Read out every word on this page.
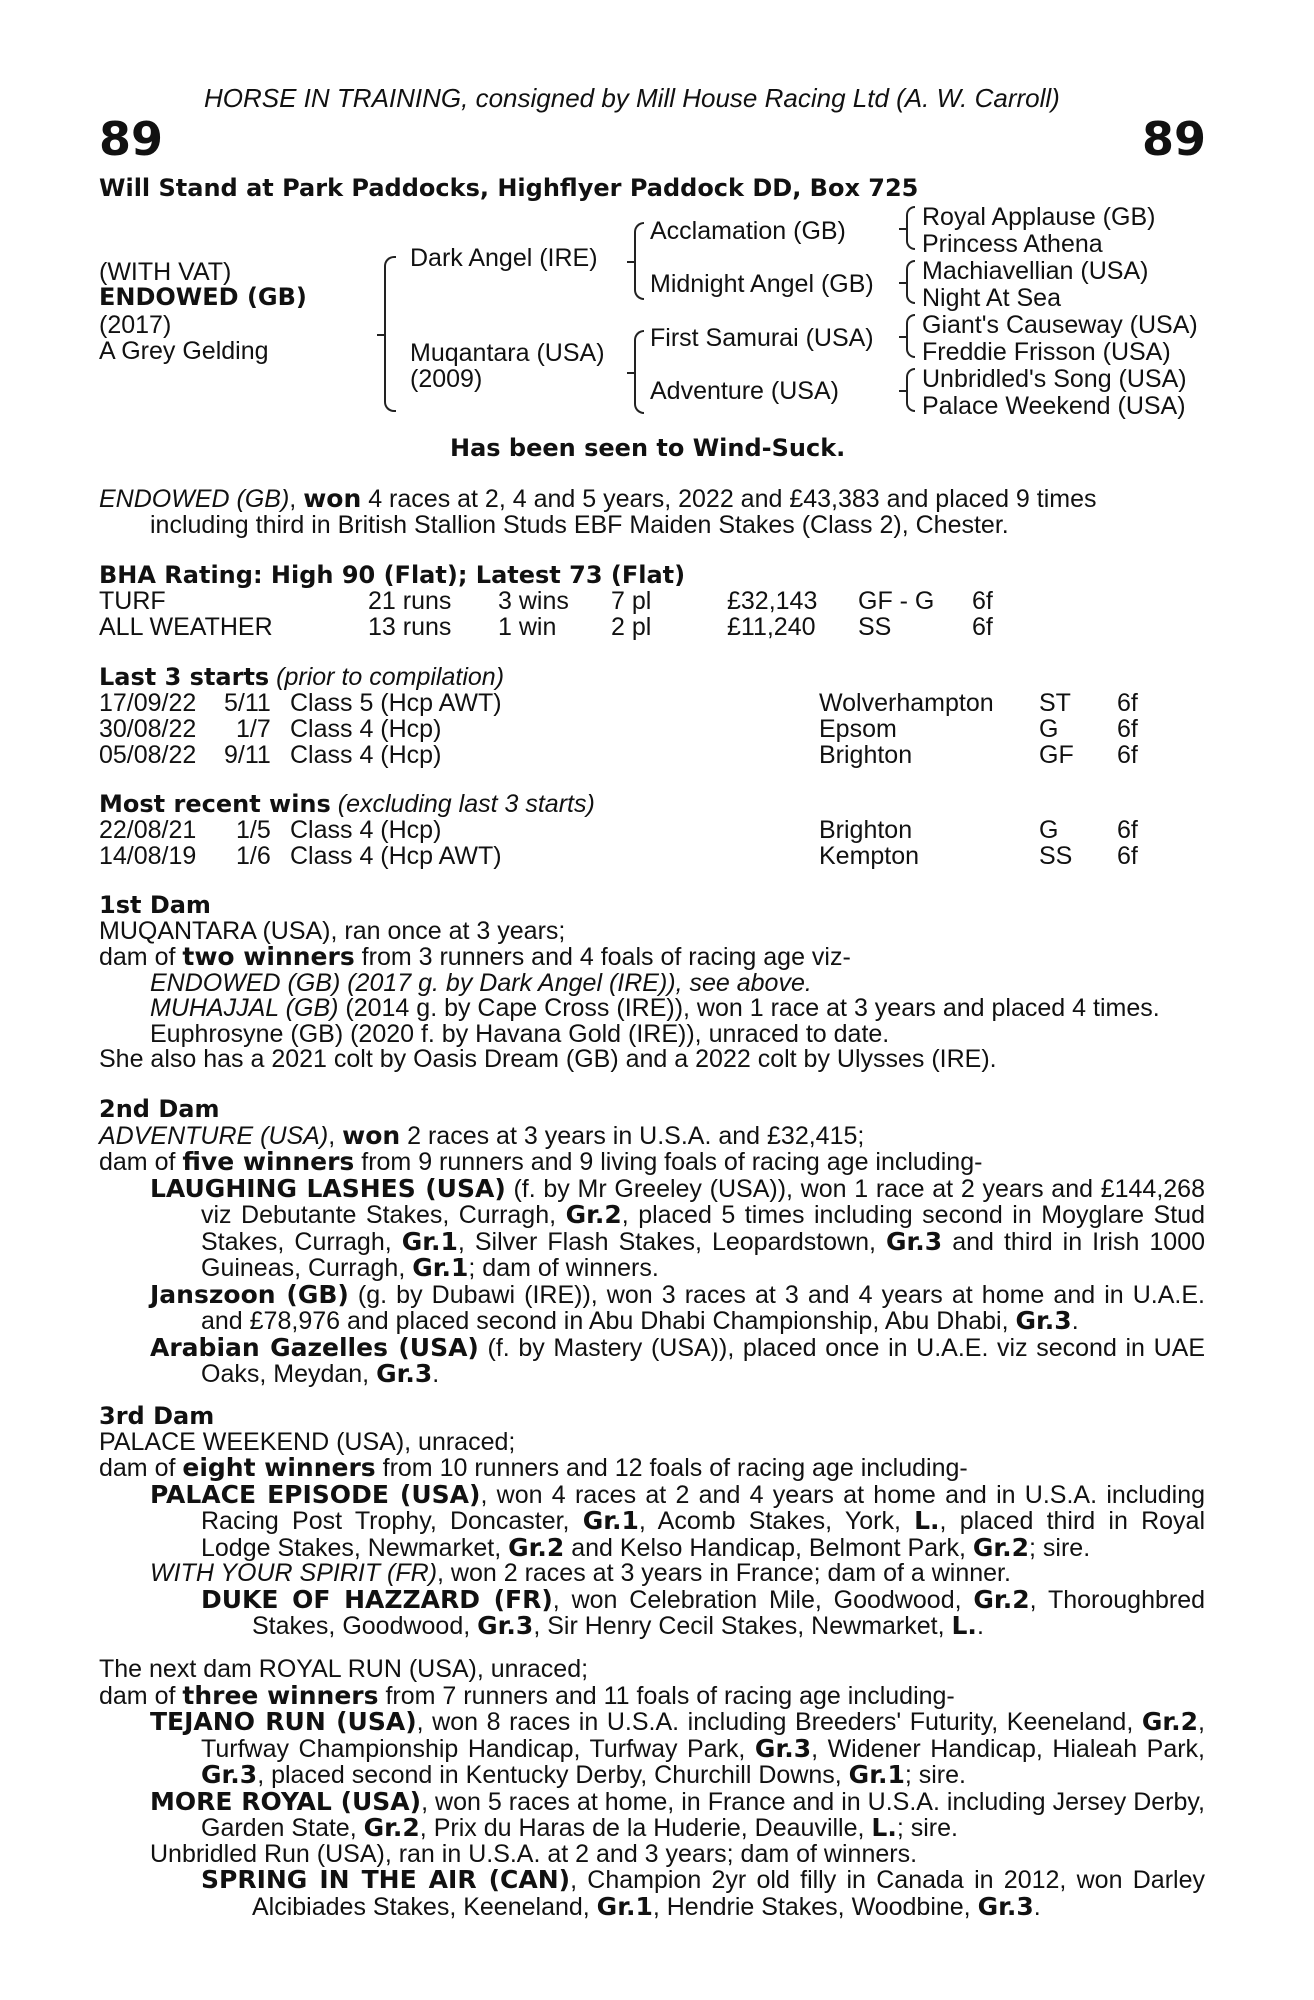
HORSE IN TRAINING, consigned by Mill House Racing Ltd (A. W. Carroll)
89	89
Will Stand at Park Paddocks, Highflyer Paddock DD, Box 725
(WITH VAT)
ENDOWED (GB)
(2017)
A Grey Gelding
Dark Angel (IRE)
Muqantara (USA)
(2009)
Acclamation (GB)
Midnight Angel (GB)
First Samurai (USA)
Adventure (USA)
Royal Applause (GB)
Princess Athena
Machiavellian (USA)
Night At Sea
Giant's Causeway (USA)
Freddie Frisson (USA)
Unbridled's Song (USA)
Palace Weekend (USA)
Has been seen to Wind-Suck.

ENDOWED (GB), won 4 races at 2, 4 and 5 years, 2022 and £43,383 and placed 9 times

including third in British Stallion Studs EBF Maiden Stakes (Class 2), Chester.

BHA Rating: High 90 (Flat); Latest 73 (Flat)
TURF	21 runs 3 wins 7 pl	£32,143 GF - G 6f
ALL WEATHER	13 runs 1 win 2 pl	£11,240 SS	6f
Last 3 starts (prior to compilation)
17/09/22 5/11 Class 5 (Hcp AWT)	Wolverhampton ST 6f
30/08/22 1/7 Class 4 (Hcp)	Epsom	G 6f
05/08/22 9/11 Class 4 (Hcp)	Brighton	GF 6f
Most recent wins (excluding last 3 starts)
22/08/21 1/5 Class 4 (Hcp)	Brighton	G 6f
14/08/19 1/6 Class 4 (Hcp AWT)	Kempton	SS 6f

1st Dam

MUQANTARA (USA), ran once at 3 years;

dam of two winners from 3 runners and 4 foals of racing age viz-

ENDOWED (GB) (2017 g. by Dark Angel (IRE)), see above.

MUHAJJAL (GB) (2014 g. by Cape Cross (IRE)), won 1 race at 3 years and placed 4 times.

Euphrosyne (GB) (2020 f. by Havana Gold (IRE)), unraced to date.

She also has a 2021 colt by Oasis Dream (GB) and a 2022 colt by Ulysses (IRE).

2nd Dam

ADVENTURE (USA), won 2 races at 3 years in U.S.A. and £32,415;

dam of five winners from 9 runners and 9 living foals of racing age including-

LAUGHING LASHES (USA) (f. by Mr Greeley (USA)), won 1 race at 2 years and £144,268 viz Debutante Stakes, Curragh, Gr.2, placed 5 times including second in Moyglare Stud Stakes, Curragh, Gr.1, Silver Flash Stakes, Leopardstown, Gr.3 and third in Irish 1000 Guineas, Curragh, Gr.1; dam of winners.

Janszoon (GB) (g. by Dubawi (IRE)), won 3 races at 3 and 4 years at home and in U.A.E. and £78,976 and placed second in Abu Dhabi Championship, Abu Dhabi, Gr.3.

Arabian Gazelles (USA) (f. by Mastery (USA)), placed once in U.A.E. viz second in UAE Oaks, Meydan, Gr.3.

3rd Dam

PALACE WEEKEND (USA), unraced;

dam of eight winners from 10 runners and 12 foals of racing age including-

PALACE EPISODE (USA), won 4 races at 2 and 4 years at home and in U.S.A. including Racing Post Trophy, Doncaster, Gr.1, Acomb Stakes, York, L., placed third in Royal Lodge Stakes, Newmarket, Gr.2 and Kelso Handicap, Belmont Park, Gr.2; sire.

WITH YOUR SPIRIT (FR), won 2 races at 3 years in France; dam of a winner.

DUKE OF HAZZARD (FR), won Celebration Mile, Goodwood, Gr.2, Thoroughbred Stakes, Goodwood, Gr.3, Sir Henry Cecil Stakes, Newmarket, L..

The next dam ROYAL RUN (USA), unraced;

dam of three winners from 7 runners and 11 foals of racing age including-

TEJANO RUN (USA), won 8 races in U.S.A. including Breeders' Futurity, Keeneland, Gr.2, Turfway Championship Handicap, Turfway Park, Gr.3, Widener Handicap, Hialeah Park, Gr.3, placed second in Kentucky Derby, Churchill Downs, Gr.1; sire.

MORE ROYAL (USA), won 5 races at home, in France and in U.S.A. including Jersey Derby, Garden State, Gr.2, Prix du Haras de la Huderie, Deauville, L.; sire.

Unbridled Run (USA), ran in U.S.A. at 2 and 3 years; dam of winners.

SPRING IN THE AIR (CAN), Champion 2yr old filly in Canada in 2012, won Darley Alcibiades Stakes, Keeneland, Gr.1, Hendrie Stakes, Woodbine, Gr.3.
